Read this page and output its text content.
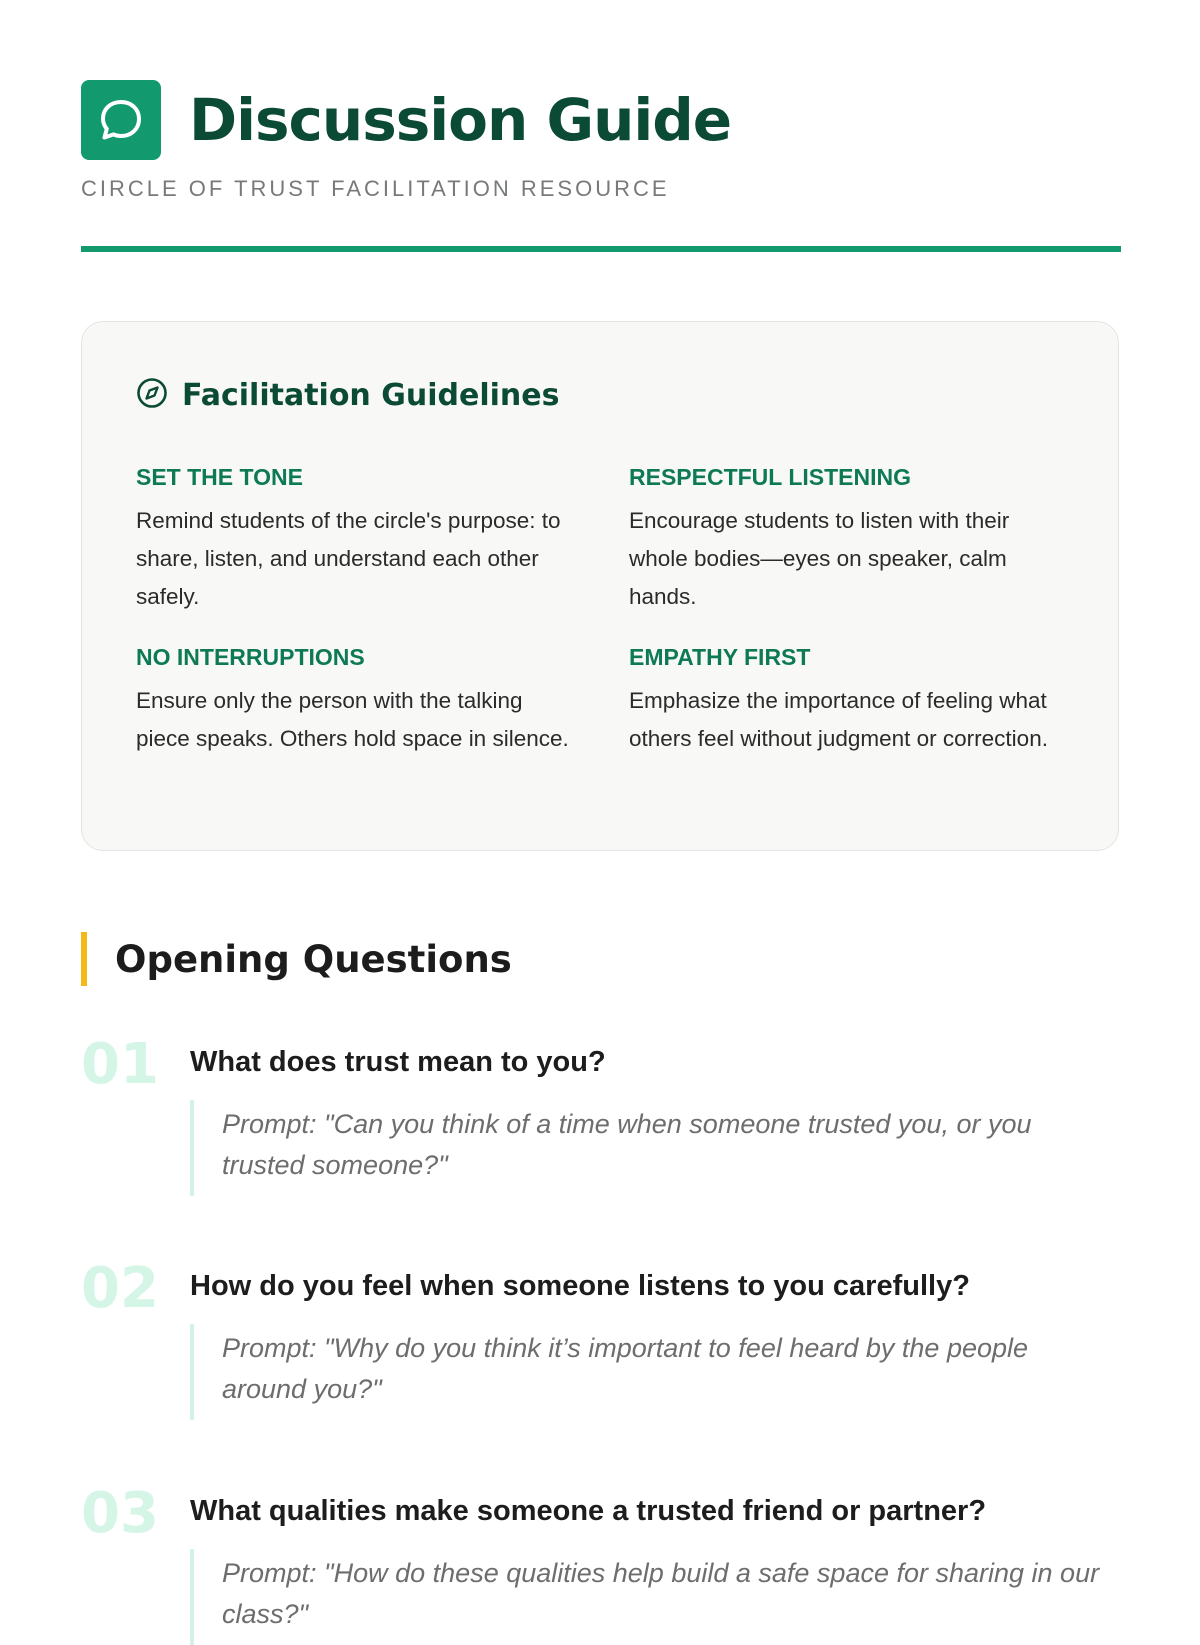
Discussion Guide
CIRCLE OF TRUST FACILITATION RESOURCE
Facilitation Guidelines
SET THE TONE
Remind students of the circle's purpose: to share, listen, and understand each other safely.
RESPECTFUL LISTENING
Encourage students to listen with their whole bodies—eyes on speaker, calm hands.
NO INTERRUPTIONS
Ensure only the person with the talking piece speaks. Others hold space in silence.
EMPATHY FIRST
Emphasize the importance of feeling what others feel without judgment or correction.
Opening Questions
01 What does trust mean to you?
Prompt: "Can you think of a time when someone trusted you, or you trusted someone?"
02 How do you feel when someone listens to you carefully?
Prompt: "Why do you think it’s important to feel heard by the people around you?"
03 What qualities make someone a trusted friend or partner?
Prompt: "How do these qualities help build a safe space for sharing in our class?"
